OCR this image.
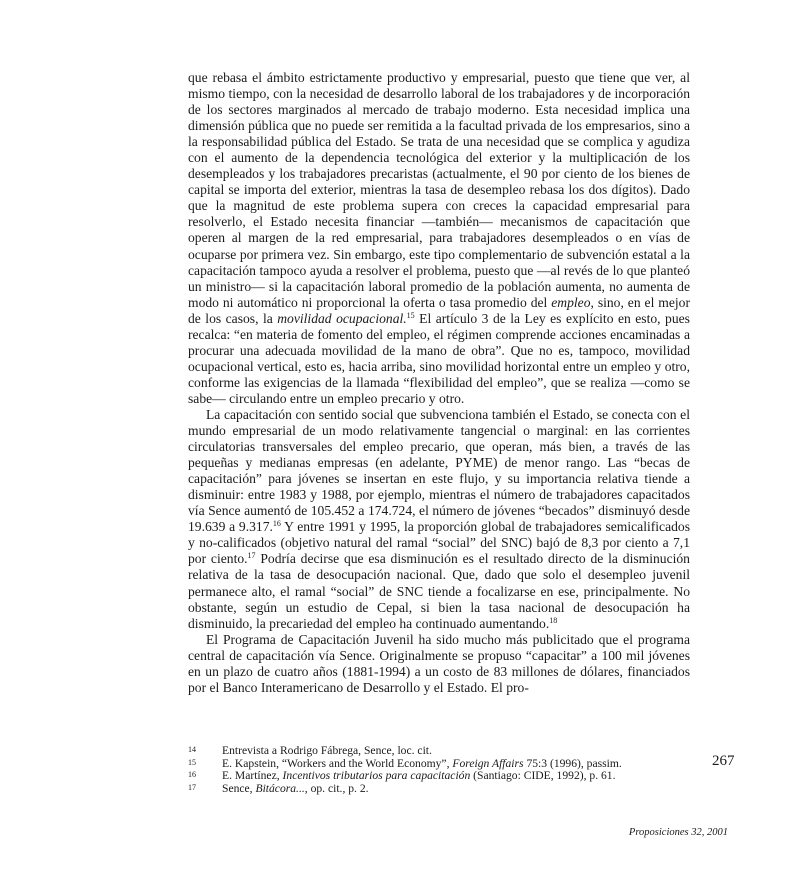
que rebasa el ámbito estrictamente productivo y empresarial, puesto que tiene que ver, al mismo tiempo, con la necesidad de desarrollo laboral de los trabajadores y de incorporación de los sectores marginados al mercado de trabajo moderno. Esta necesidad implica una dimensión pública que no puede ser remitida a la facultad privada de los empresarios, sino a la responsabilidad pública del Estado. Se trata de una necesidad que se complica y agudiza con el aumento de la dependencia tecnológica del exterior y la multiplicación de los desempleados y los trabajadores precaristas (actualmente, el 90 por ciento de los bienes de capital se importa del exterior, mientras la tasa de desempleo rebasa los dos dígitos). Dado que la magnitud de este problema supera con creces la capacidad empresarial para resolverlo, el Estado necesita financiar —también— mecanismos de capacitación que operen al margen de la red empresarial, para trabajadores desempleados o en vías de ocuparse por primera vez. Sin embargo, este tipo complementario de subvención estatal a la capacitación tampoco ayuda a resolver el problema, puesto que —al revés de lo que planteó un ministro— si la capacitación laboral promedio de la población aumenta, no aumenta de modo ni automático ni proporcional la oferta o tasa promedio del empleo, sino, en el mejor de los casos, la movilidad ocupacional.$^{15}$ El artículo 3 de la Ley es explícito en esto, pues recalca: “en materia de fomento del empleo, el régimen comprende acciones encaminadas a procurar una adecuada movilidad de la mano de obra”. Que no es, tampoco, movilidad ocupacional vertical, esto es, hacia arriba, sino movilidad horizontal entre un empleo y otro, conforme las exigencias de la llamada “flexibilidad del empleo”, que se realiza —como se sabe— circulando entre un empleo precario y otro.

La capacitación con sentido social que subvenciona también el Estado, se conecta con el mundo empresarial de un modo relativamente tangencial o marginal: en las corrientes circulatorias transversales del empleo precario, que operan, más bien, a través de las pequeñas y medianas empresas (en adelante, PYME) de menor rango. Las “becas de capacitación” para jóvenes se insertan en este flujo, y su importancia relativa tiende a disminuir: entre 1983 y 1988, por ejemplo, mientras el número de trabajadores capacitados vía Sence aumentó de 105.452 a 174.724, el número de jóvenes “becados” disminuyó desde 19.639 a 9.317.16 Y entre 1991 y 1995, la proporción global de trabajadores semicalificados y no-calificados (objetivo natural del ramal “social” del SNC) bajó de 8,3 por ciento a 7,1 por ciento.$^{17}$ Podría decirse que esa disminución es el resultado directo de la disminución relativa de la tasa de desocupación nacional. Que, dado que solo el desempleo juvenil permanece alto, el ramal “social” de SNC tiende a focalizarse en ese, principalmente. No obstante, según un estudio de Cepal, si bien la tasa nacional de desocupación ha disminuido, la precariedad del empleo ha continuado aumentando.$^{18}$

El Programa de Capacitación Juvenil ha sido mucho más publicitado que el programa central de capacitación vía Sence. Originalmente se propuso “capacitar” a 100 mil jóvenes en un plazo de cuatro años (1881-1994) a un costo de 83 millones de dólares, financiados por el Banco Interamericano de Desarrollo y el Estado. El pro-

14	Entrevista a Rodrigo Fábrega, Sence, loc. cit.
15	E. Kapstein, “Workers and the World Economy”, Foreign Affairs 75:3 (1996), passim.
16	E. Martínez, Incentivos tributarios para capacitación (Santiago: CIDE, 1992), p. 61.
17	Sence, Bitácora..., op. cit., p. 2.
267
Proposiciones 32, 2001
